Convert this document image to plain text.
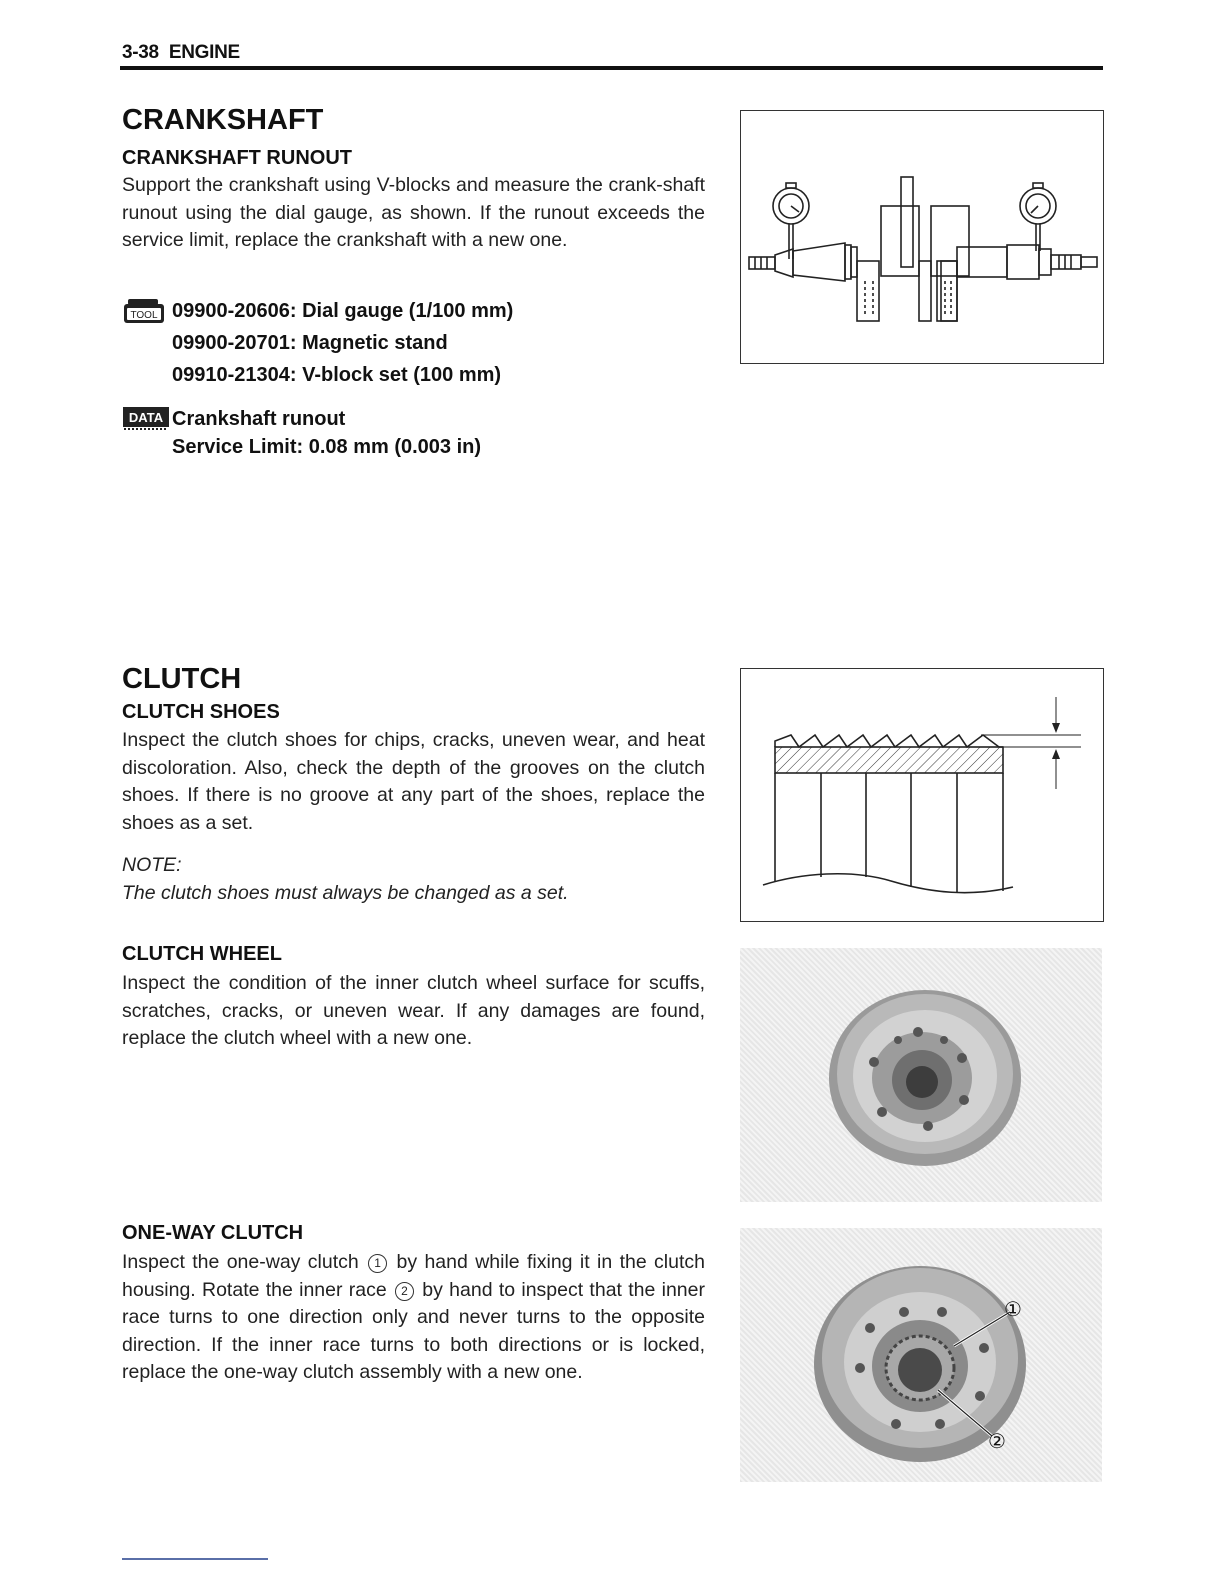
3-38 ENGINE
CRANKSHAFT
CRANKSHAFT RUNOUT
Support the crankshaft using V-blocks and measure the crank-shaft runout using the dial gauge, as shown. If the runout exceeds the service limit, replace the crankshaft with a new one.
TOOL 09900-20606: Dial gauge (1/100 mm)
09900-20701: Magnetic stand
09910-21304: V-block set (100 mm)
DATA Crankshaft runout
Service Limit: 0.08 mm (0.003 in)
CLUTCH
CLUTCH SHOES
Inspect the clutch shoes for chips, cracks, uneven wear, and heat discoloration. Also, check the depth of the grooves on the clutch shoes. If there is no groove at any part of the shoes, replace the shoes as a set.
NOTE:
The clutch shoes must always be changed as a set.
CLUTCH WHEEL
Inspect the condition of the inner clutch wheel surface for scuffs, scratches, cracks, or uneven wear. If any damages are found, replace the clutch wheel with a new one.
ONE-WAY CLUTCH
Inspect the one-way clutch 1 by hand while fixing it in the clutch housing. Rotate the inner race 2 by hand to inspect that the inner race turns to one direction only and never turns to the opposite direction. If the inner race turns to both directions or is locked, replace the one-way clutch assembly with a new one.
①
②
